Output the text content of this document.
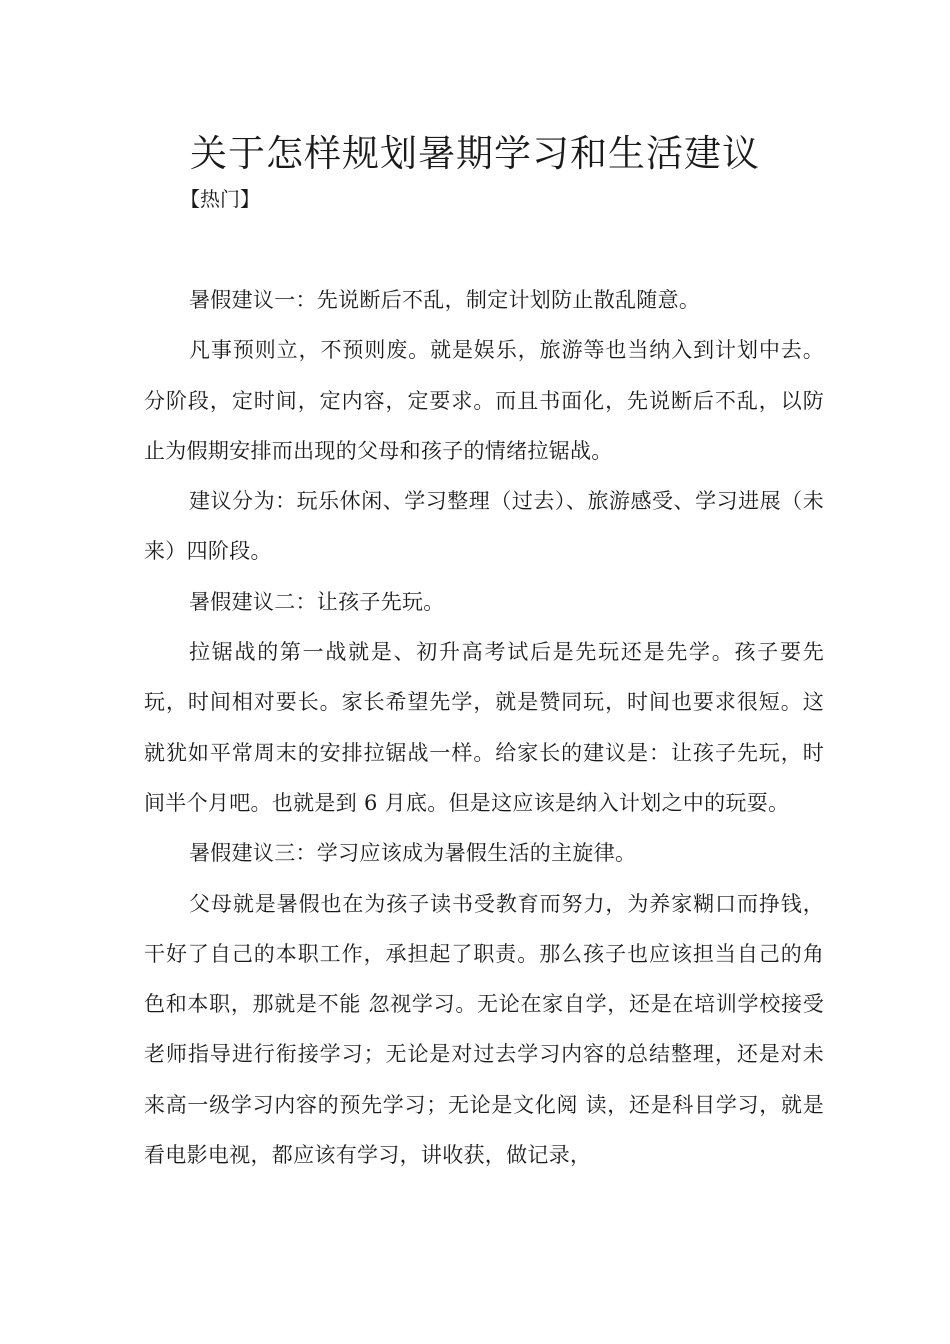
关于怎样规划暑期学习和生活建议
【热门】

暑假建议一：先说断后不乱，制定计划防止散乱随意。

凡事预则立，不预则废。就是娱乐，旅游等也当纳入到计划中去。分阶段，定时间，定内容，定要求。而且书面化，先说断后不乱，以防止为假期安排而出现的父母和孩子的情绪拉锯战。

建议分为：玩乐休闲、学习整理（过去）、旅游感受、学习进展（未来）四阶段。

暑假建议二：让孩子先玩。

拉锯战的第一战就是、初升高考试后是先玩还是先学。孩子要先玩，时间相对要长。家长希望先学，就是赞同玩，时间也要求很短。这就犹如平常周末的安排拉锯战一样。给家长的建议是：让孩子先玩，时间半个月吧。也就是到 6 月底。但是这应该是纳入计划之中的玩耍。

暑假建议三：学习应该成为暑假生活的主旋律。

父母就是暑假也在为孩子读书受教育而努力，为养家糊口而挣钱，干好了自己的本职工作，承担起了职责。那么孩子也应该担当自己的角色和本职，那就是不能 忽视学习。无论在家自学，还是在培训学校接受老师指导进行衔接学习；无论是对过去学习内容的总结整理，还是对未来高一级学习内容的预先学习；无论是文化阅 读，还是科目学习，就是看电影电视，都应该有学习，讲收获，做记录，
